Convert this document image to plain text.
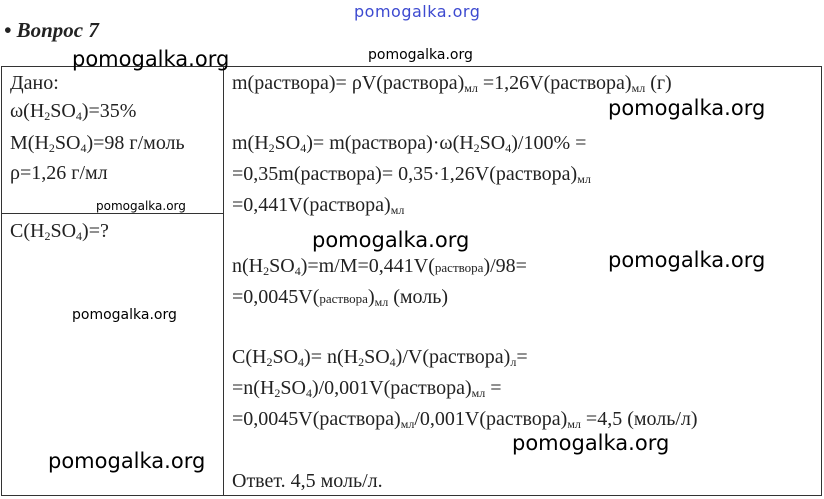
pomogalka.org
• Вопрос 7
Дано:
$\omega(H_2SO_4)=35\%$
$M(H_2SO_4)=98$ г/моль
ρ=1,26 г/мл
$C(H_2SO_4)=$?
m(раствора)= $\rho V(раствора)_{мл}$ $=1,26V(раствора)_{мл}$ (г)
$m(H_2SO_4)=$ $m(раствора)\cdot\omega(H_2SO_4)/100\%$ =
=0,35m(раствора)= $0,35\cdot 1,26V(раствора)_{мл}$
$=0,441V(раствора)_{мл}$
$n(H_2SO_4)=m/M=0,441V(раствора)/98=$
$=0,0045V(раствора)_{мл}$ (моль)
$C(H_2SO_4)=$ $n(H_2SO_4)/V(раствора)_л=$
$=n(H_2SO_4)/0,001V(раствора)_{мл}$ =
$=0,0045V(раствора)_{мл}/0,001V(раствора)_{мл} =4,5$ (моль/л)
Ответ. 4,5 моль/л.
pomogalka.org	pomogalka.org
pomogalka.org
pomogalka.org
pomogalka.org
pomogalka.org
pomogalka.org
pomogalka.org
pomogalka.org
